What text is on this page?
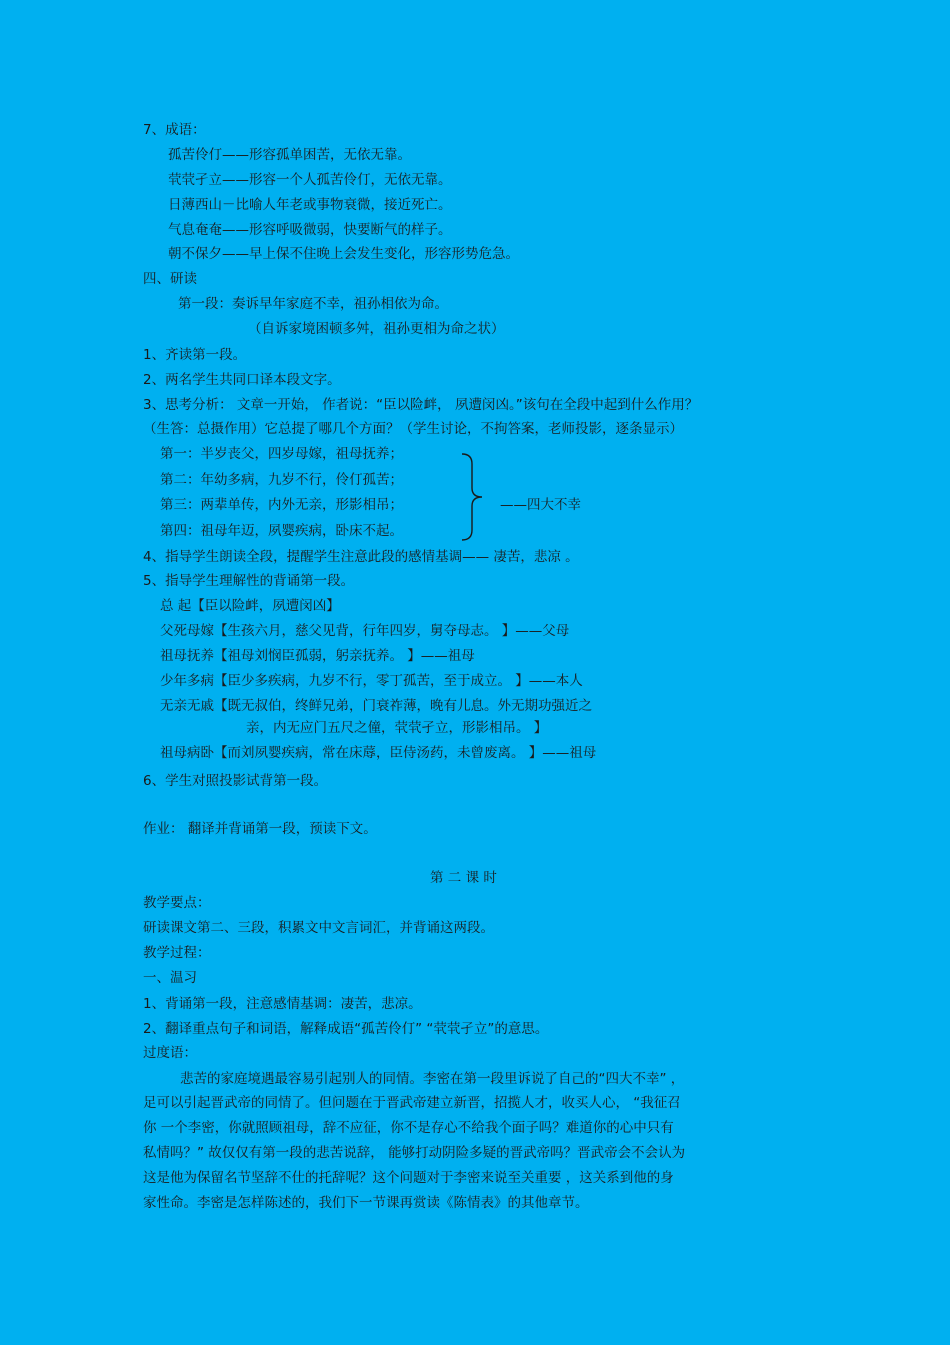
7、成语：
孤苦伶仃——形容孤单困苦，无依无靠。
茕茕孑立——形容一个人孤苦伶仃，无依无靠。
日薄西山－比喻人年老或事物衰微，接近死亡。
气息奄奄——形容呼吸微弱，快要断气的样子。
朝不保夕——早上保不住晚上会发生变化，形容形势危急。
四、研读
第一段：奏诉早年家庭不幸，祖孙相依为命。
（自诉家境困顿多舛，祖孙更相为命之状）
1、齐读第一段。
2、两名学生共同口译本段文字。
3、思考分析： 文章一开始， 作者说：“臣以险衅， 夙遭闵凶。”该句在全段中起到什么作用？
（生答：总摄作用）它总提了哪几个方面？（学生讨论，不拘答案，老师投影，逐条显示）
第一：半岁丧父，四岁母嫁，祖母抚养；
第二：年幼多病，九岁不行，伶仃孤苦；
第三：两辈单传，内外无亲，形影相吊；
第四：祖母年迈，夙婴疾病，卧床不起。
——四大不幸
4、指导学生朗读全段，提醒学生注意此段的感情基调—— 凄苦，悲凉 。
5、指导学生理解性的背诵第一段。
总 起【臣以险衅，夙遭闵凶】
父死母嫁【生孩六月，慈父见背，行年四岁，舅夺母志。 】——父母
祖母抚养【祖母刘悯臣孤弱，躬亲抚养。 】——祖母
少年多病【臣少多疾病，九岁不行，零丁孤苦，至于成立。 】——本人
无亲无戚【既无叔伯，终鲜兄弟，门衰祚薄，晚有儿息。外无期功强近之
亲，内无应门五尺之僮，茕茕孑立，形影相吊。 】
祖母病卧【而刘夙婴疾病，常在床蓐，臣侍汤药，未曾废离。 】——祖母
6、学生对照投影试背第一段。
作业： 翻译并背诵第一段，预读下文。
第 二 课 时
教学要点：
研读课文第二、三段，积累文中文言词汇，并背诵这两段。
教学过程：
一、温习
1、背诵第一段，注意感情基调：凄苦，悲凉。
2、翻译重点句子和词语，解释成语“孤苦伶仃” “茕茕孑立”的意思。
过度语：
悲苦的家庭境遇最容易引起别人的同情。李密在第一段里诉说了自己的“四大不幸” ，
足可以引起晋武帝的同情了。但问题在于晋武帝建立新晋，招揽人才，收买人心， “我征召
你 一个李密，你就照顾祖母，辞不应征，你不是存心不给我个面子吗？难道你的心中只有
私情吗？” 故仅仅有第一段的悲苦说辞， 能够打动阴险多疑的晋武帝吗？晋武帝会不会认为
这是他为保留名节坚辞不仕的托辞呢？这个问题对于李密来说至关重要 ，这关系到他的身
家性命。李密是怎样陈述的，我们下一节课再赏读《陈情表》的其他章节。
